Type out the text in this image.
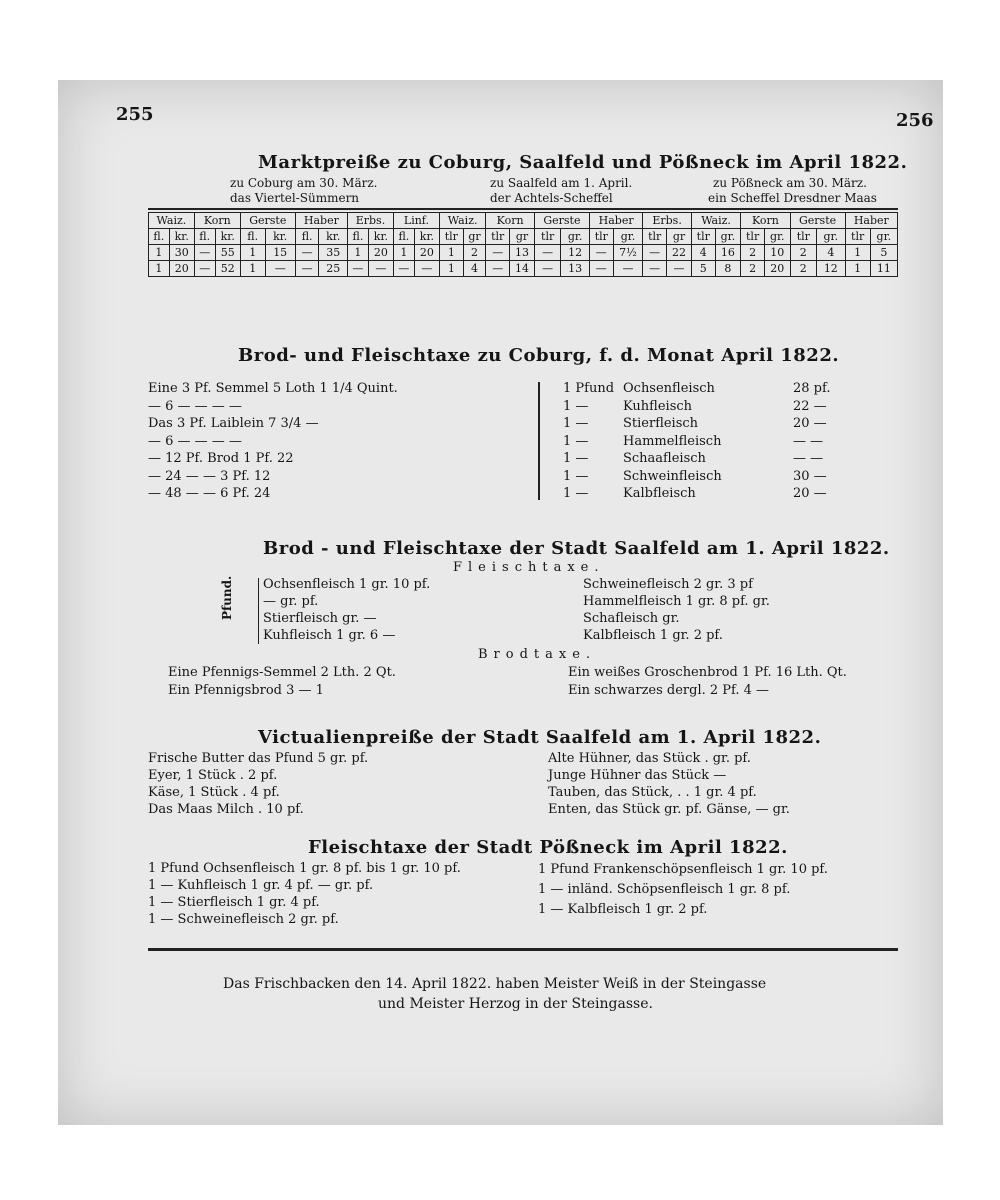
255	256
Marktpreiße zu Coburg, Saalfeld und Pößneck im April 1822.
zu Coburg am 30. März.
das Viertel-Sümmern
zu Saalfeld am 1. April.
der Achtels-Scheffel
zu Pößneck am 30. März.
ein Scheffel Dresdner Maas
Waiz.		Korn		Gerste		Haber		Erbs.		Linf.		Waiz.		Korn		Gerste		Haber		Erbs.		Waiz.		Korn		Gerste		Haber	
fl.	kr.	fl.	kr.	fl.	kr.	fl.	kr.	fl.	kr.	fl.	kr.	tlr	gr	tlr	gr	tlr	gr.	tlr	gr.	tlr	gr	tlr	gr.	tlr	gr.	tlr	gr.	tlr	gr.
1	30	—	55	1	15	—	35	1	20	1	20	1	2	—	13	—	12	—	7½	—	22	4	16	2	10	2	4	1	5
1	20	—	52	1	—	—	25	—	—	—	—	1	4	—	14	—	13	—	—	—	—	5	8	2	20	2	12	1	11
Brod- und Fleischtaxe zu Coburg, f. d. Monat April 1822.
Eine 3 Pf. Semmel 5 Loth 1 1/4 Quint.
— 6 — — — —
Das 3 Pf. Laiblein 7 3/4 —
— 6 — — — —
— 12 Pf. Brod 1 Pf. 22
— 24 — — 3 Pf. 12
— 48 — — 6 Pf. 24
1 Pfund Ochsenfleisch	28 pf.
1 —	Kuhfleisch	22 —
1 —	Stierfleisch	20 —
1 —	Hammelfleisch	— —
1 —	Schaafleisch	— —
1 —	Schweinfleisch	30 —
1 —	Kalbfleisch	20 —
Brod - und Fleischtaxe der Stadt Saalfeld am 1. April 1822.
Fleischtaxe.
Pfund. Ochsenfleisch 1 gr. 10 pf.
— gr. pf.
Stierfleisch gr. —
Kuhfleisch 1 gr. 6 —
Schweinefleisch 2 gr. 3 pf
Hammelfleisch 1 gr. 8 pf. gr.
Schafleisch gr.
Kalbfleisch 1 gr. 2 pf.
Brodtaxe.
Eine Pfennigs-Semmel 2 Lth. 2 Qt.
Ein Pfennigsbrod 3 — 1
Ein weißes Groschenbrod 1 Pf. 16 Lth. Qt.
Ein schwarzes dergl. 2 Pf. 4 —
Victualienpreiße der Stadt Saalfeld am 1. April 1822.
Frische Butter das Pfund 5 gr. pf.
Eyer, 1 Stück . 2 pf.
Käse, 1 Stück . 4 pf.
Das Maas Milch . 10 pf.
Alte Hühner, das Stück . gr. pf.
Junge Hühner das Stück —
Tauben, das Stück, . . 1 gr. 4 pf.
Enten, das Stück gr. pf. Gänse, — gr.
Fleischtaxe der Stadt Pößneck im April 1822.
1 Pfund Ochsenfleisch 1 gr. 8 pf. bis 1 gr. 10 pf.
1 — Kuhfleisch 1 gr. 4 pf. — gr. pf.
1 — Stierfleisch 1 gr. 4 pf.
1 — Schweinefleisch 2 gr. pf.
1 Pfund Frankenschöpsenfleisch 1 gr. 10 pf.
1 — inländ. Schöpsenfleisch 1 gr. 8 pf.
1 — Kalbfleisch 1 gr. 2 pf.
Das Frischbacken den 14. April 1822. haben Meister Weiß in der Steingasse
und Meister Herzog in der Steingasse.
